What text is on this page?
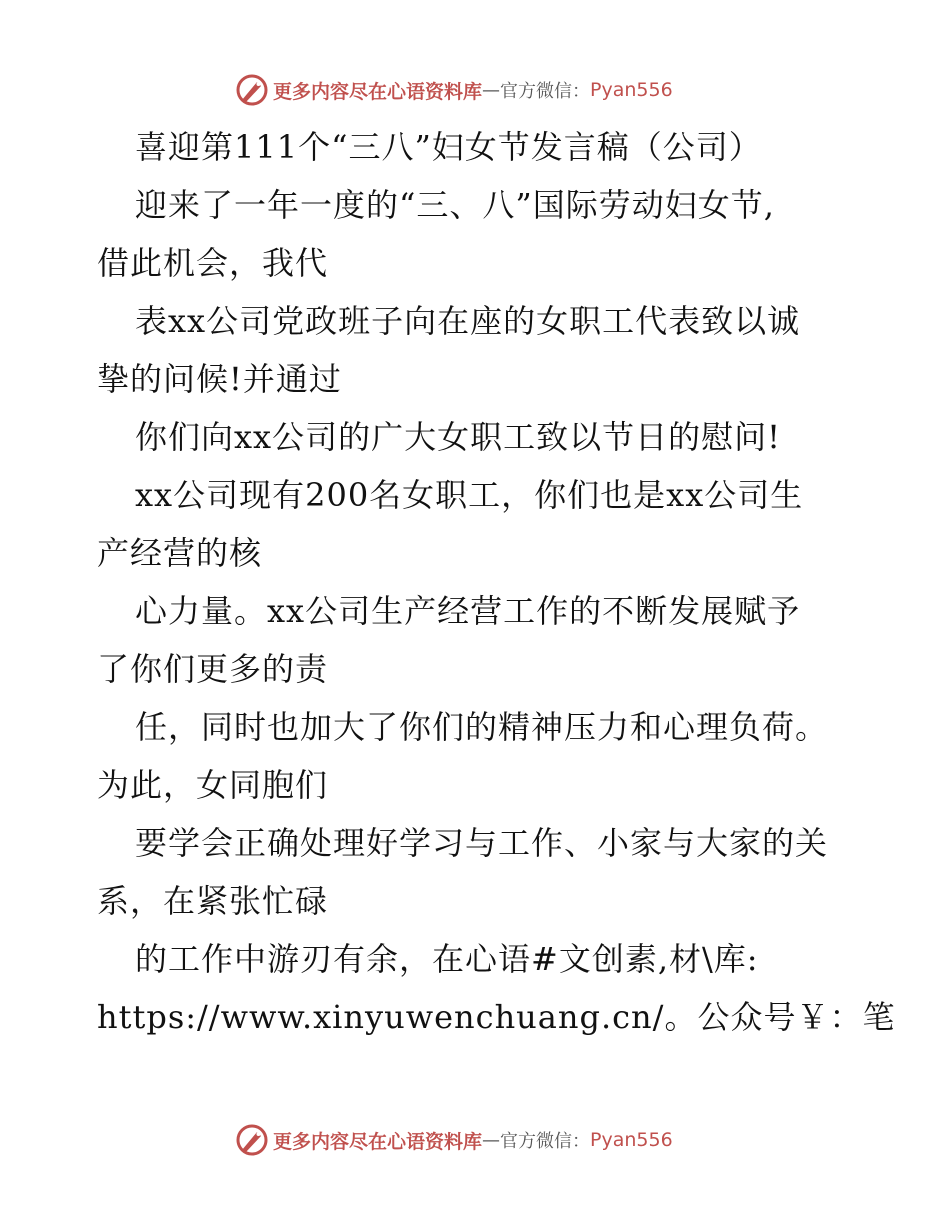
更多内容尽在心语资料库 — 官方微信： Pyan556
喜迎第111个“三八”妇女节发言稿（公司）
迎来了一年一度的“三、八”国际劳动妇女节,
借此机会，我代
表xx公司党政班子向在座的女职工代表致以诚
挚的问候!并通过
你们向xx公司的广大女职工致以节日的慰问!
xx公司现有200名女职工，你们也是xx公司生
产经营的核
心力量。xx公司生产经营工作的不断发展赋予
了你们更多的责
任，同时也加大了你们的精神压力和心理负荷。
为此，女同胞们
要学会正确处理好学习与工作、小家与大家的关
系，在紧张忙碌
的工作中游刃有余，在心语#文创素,材\库:
https://www.xinyuwenchuang.cn/。公众号￥：笔
更多内容尽在心语资料库 — 官方微信： Pyan556
